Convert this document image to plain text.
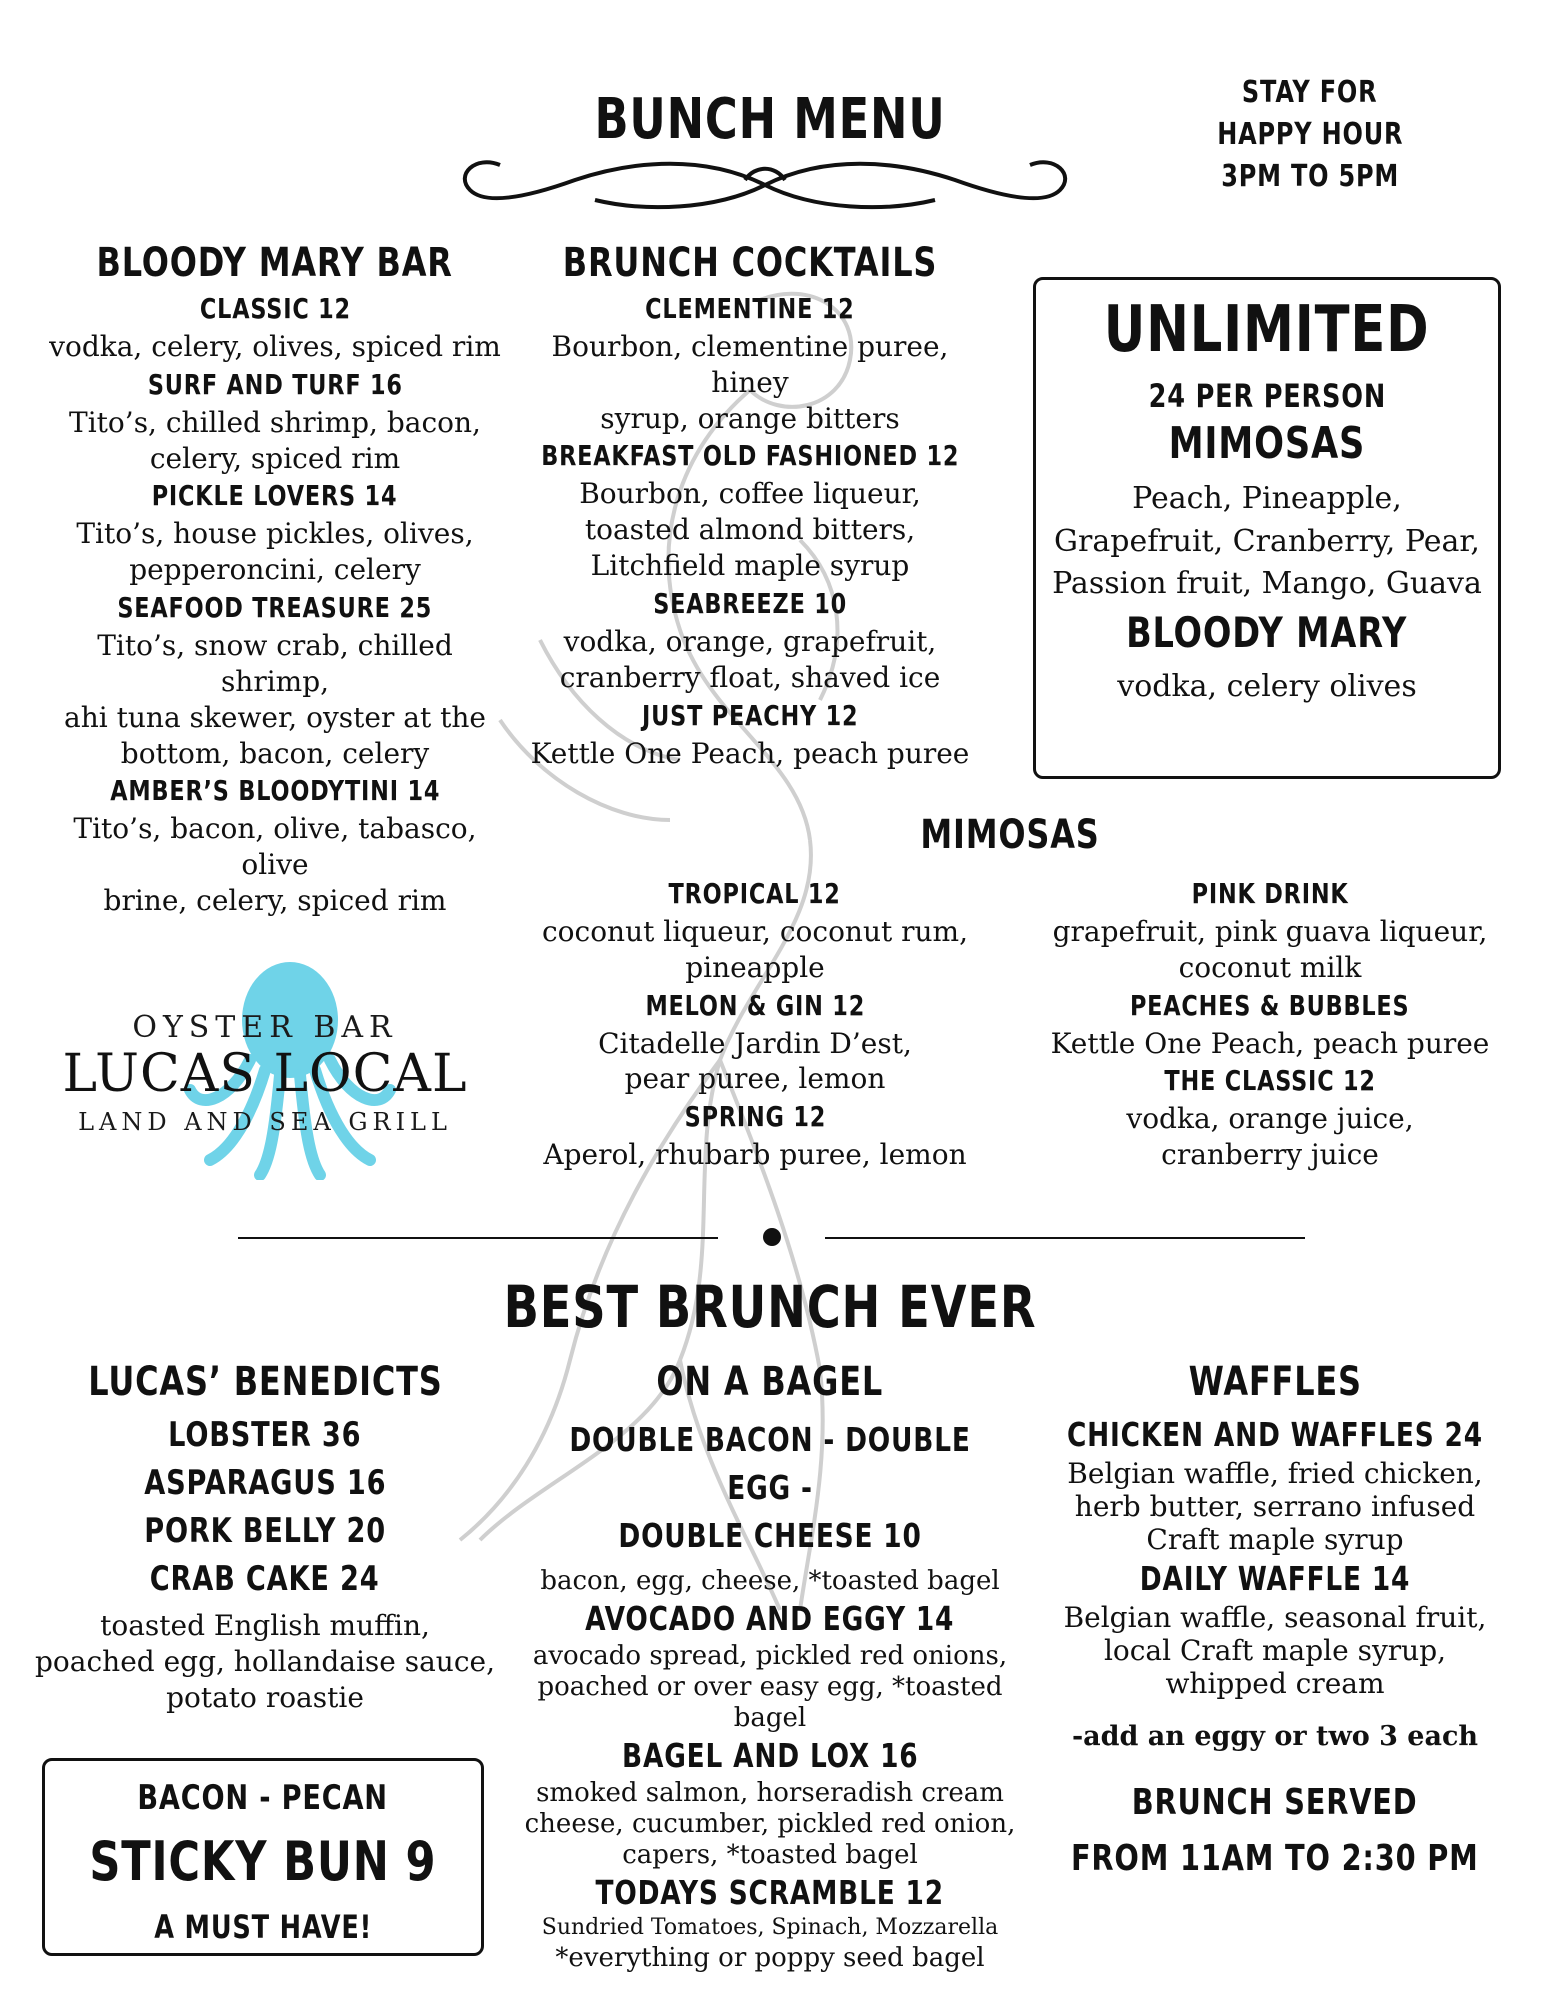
BUNCH MENU	STAY FOR
HAPPY HOUR
3PM TO 5PM
BLOODY MARY BAR
CLASSIC 12
vodka, celery, olives, spiced rim
SURF AND TURF 16
Tito’s, chilled shrimp, bacon,
celery, spiced rim
PICKLE LOVERS 14
Tito’s, house pickles, olives,
pepperoncini, celery
SEAFOOD TREASURE 25
Tito’s, snow crab, chilled shrimp,
ahi tuna skewer, oyster at the
bottom, bacon, celery
AMBER’S BLOODYTINI 14
Tito’s, bacon, olive, tabasco, olive
brine, celery, spiced rim
BRUNCH COCKTAILS
CLEMENTINE 12
Bourbon, clementine puree, hiney
syrup, orange bitters
BREAKFAST OLD FASHIONED 12
Bourbon, coffee liqueur,
toasted almond bitters,
Litchfield maple syrup
SEABREEZE 10
vodka, orange, grapefruit,
cranberry float, shaved ice
JUST PEACHY 12
Kettle One Peach, peach puree
UNLIMITED
24 PER PERSON
MIMOSAS
Peach, Pineapple,
Grapefruit, Cranberry, Pear,
Passion fruit, Mango, Guava
BLOODY MARY
vodka, celery olives
OYSTER BAR
LUCAS LOCAL
LAND AND SEA GRILL
MIMOSAS
TROPICAL 12
coconut liqueur, coconut rum,
pineapple
MELON & GIN 12
Citadelle Jardin D’est,
pear puree, lemon
SPRING 12
Aperol, rhubarb puree, lemon
PINK DRINK
grapefruit, pink guava liqueur,
coconut milk
PEACHES & BUBBLES
Kettle One Peach, peach puree
THE CLASSIC 12
vodka, orange juice,
cranberry juice
BEST BRUNCH EVER
LUCAS’ BENEDICTS
LOBSTER 36
ASPARAGUS 16
PORK BELLY 20
CRAB CAKE 24
toasted English muffin,
poached egg, hollandaise sauce,
potato roastie
BACON - PECAN
STICKY BUN 9
A MUST HAVE!
ON A BAGEL
DOUBLE BACON - DOUBLE EGG -
DOUBLE CHEESE 10
bacon, egg, cheese, *toasted bagel
AVOCADO AND EGGY 14
avocado spread, pickled red onions,
poached or over easy egg, *toasted bagel
BAGEL AND LOX 16
smoked salmon, horseradish cream
cheese, cucumber, pickled red onion,
capers, *toasted bagel
TODAYS SCRAMBLE 12
Sundried Tomatoes, Spinach, Mozzarella
*everything or poppy seed bagel
WAFFLES
CHICKEN AND WAFFLES 24
Belgian waffle, fried chicken,
herb butter, serrano infused
Craft maple syrup
DAILY WAFFLE 14
Belgian waffle, seasonal fruit,
local Craft maple syrup,
whipped cream
-add an eggy or two 3 each
BRUNCH SERVED
FROM 11AM TO 2:30 PM
